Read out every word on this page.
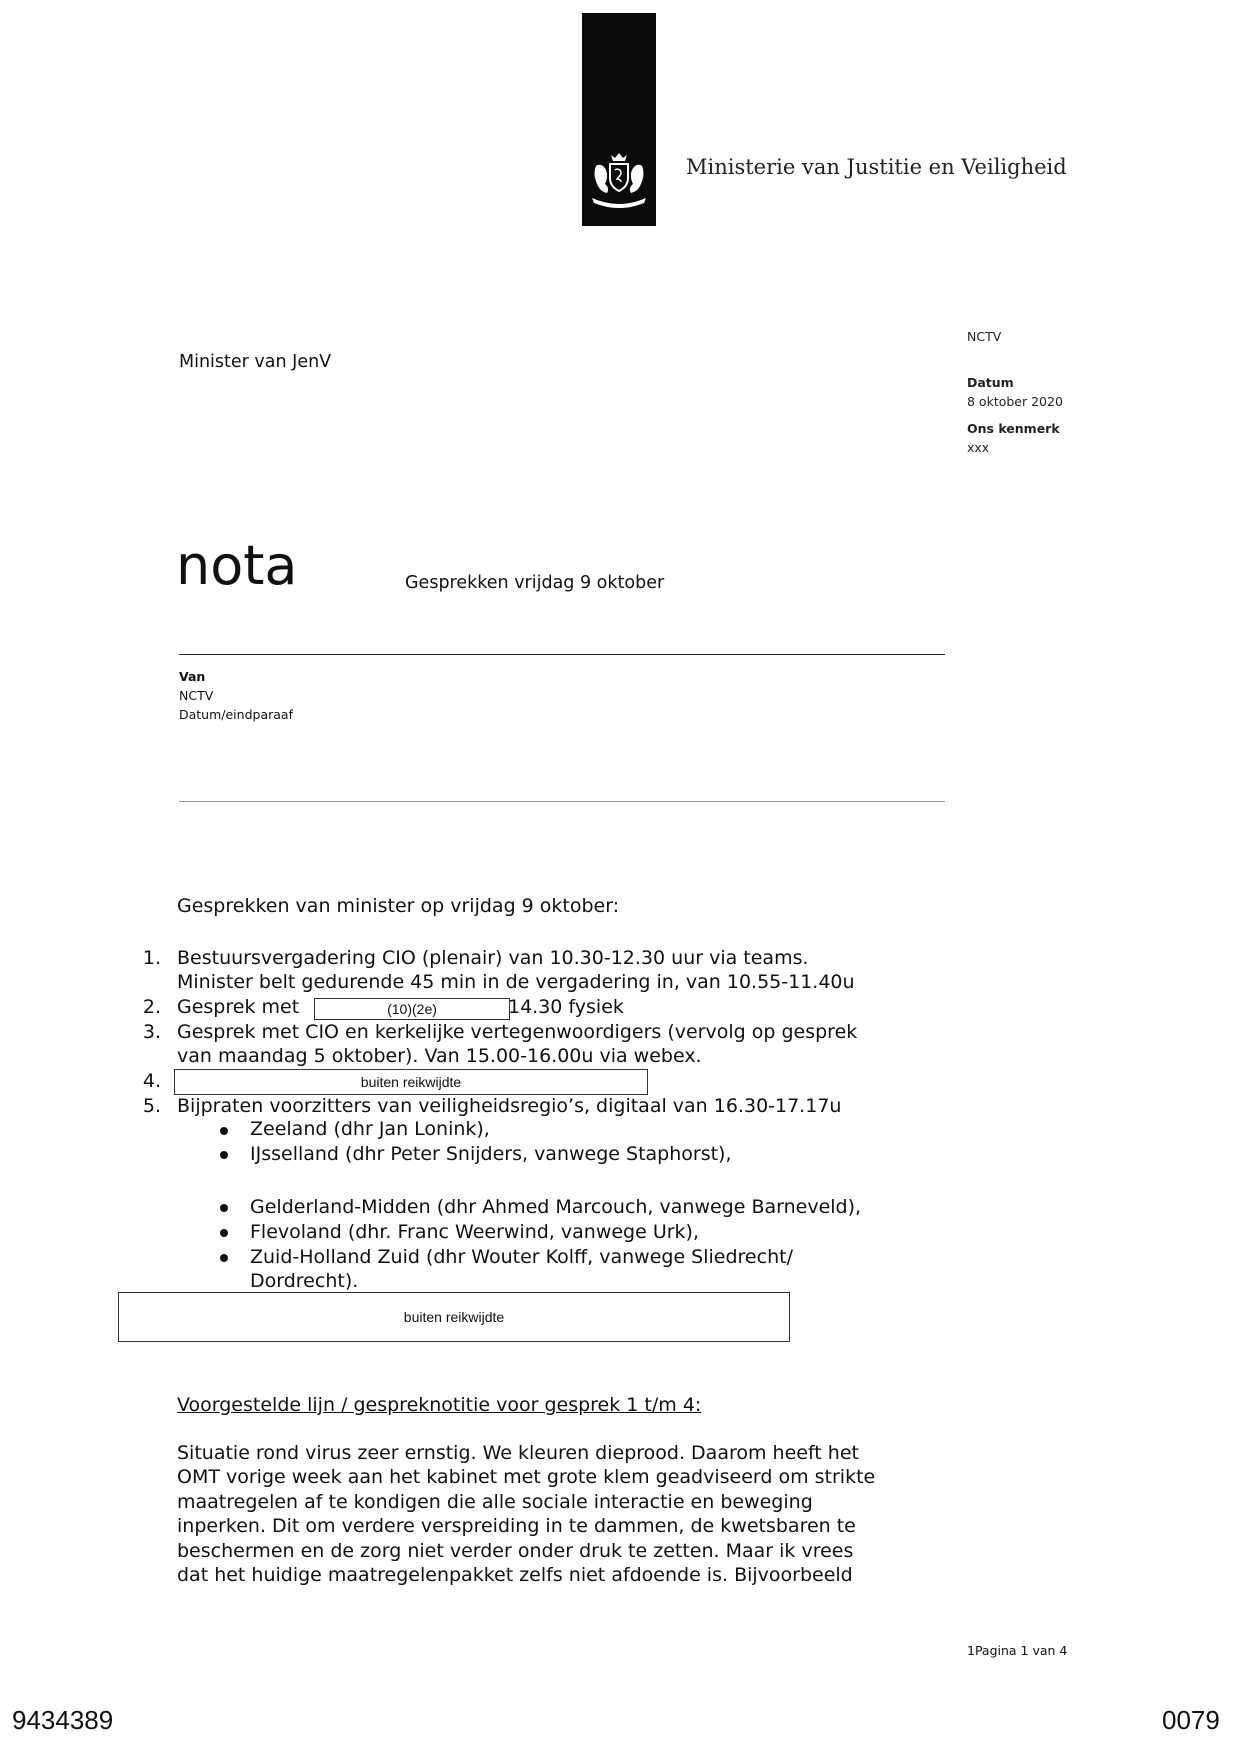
Ministerie van Justitie en Veiligheid
NCTV
Datum
8 oktober 2020
Ons kenmerk
xxx
Minister van JenV
nota	Gesprekken vrijdag 9 oktober
Van
NCTV
Datum/eindparaaf
Gesprekken van minister op vrijdag 9 oktober:
1. Bestuursvergadering CIO (plenair) van 10.30-12.30 uur via teams.
Minister belt gedurende 45 min in de vergadering in, van 10.55-11.40u
2. Gesprek met	(10)(2e)	14.30 fysiek
3. Gesprek met CIO en kerkelijke vertegenwoordigers (vervolg op gesprek
van maandag 5 oktober). Van 15.00-16.00u via webex.
4.	buiten reikwijdte
5. Bijpraten voorzitters van veiligheidsregio’s, digitaal van 16.30-17.17u
Zeeland (dhr Jan Lonink),
IJsselland (dhr Peter Snijders, vanwege Staphorst),
Gelderland-Midden (dhr Ahmed Marcouch, vanwege Barneveld),
Flevoland (dhr. Franc Weerwind, vanwege Urk),
Zuid-Holland Zuid (dhr Wouter Kolff, vanwege Sliedrecht/
Dordrecht).
buiten reikwijdte
Voorgestelde lijn / gespreknotitie voor gesprek 1 t/m 4:
Situatie rond virus zeer ernstig. We kleuren dieprood. Daarom heeft het
OMT vorige week aan het kabinet met grote klem geadviseerd om strikte
maatregelen af te kondigen die alle sociale interactie en beweging
inperken. Dit om verdere verspreiding in te dammen, de kwetsbaren te
beschermen en de zorg niet verder onder druk te zetten. Maar ik vrees
dat het huidige maatregelenpakket zelfs niet afdoende is. Bijvoorbeeld
1Pagina 1 van 4
9434389	0079
